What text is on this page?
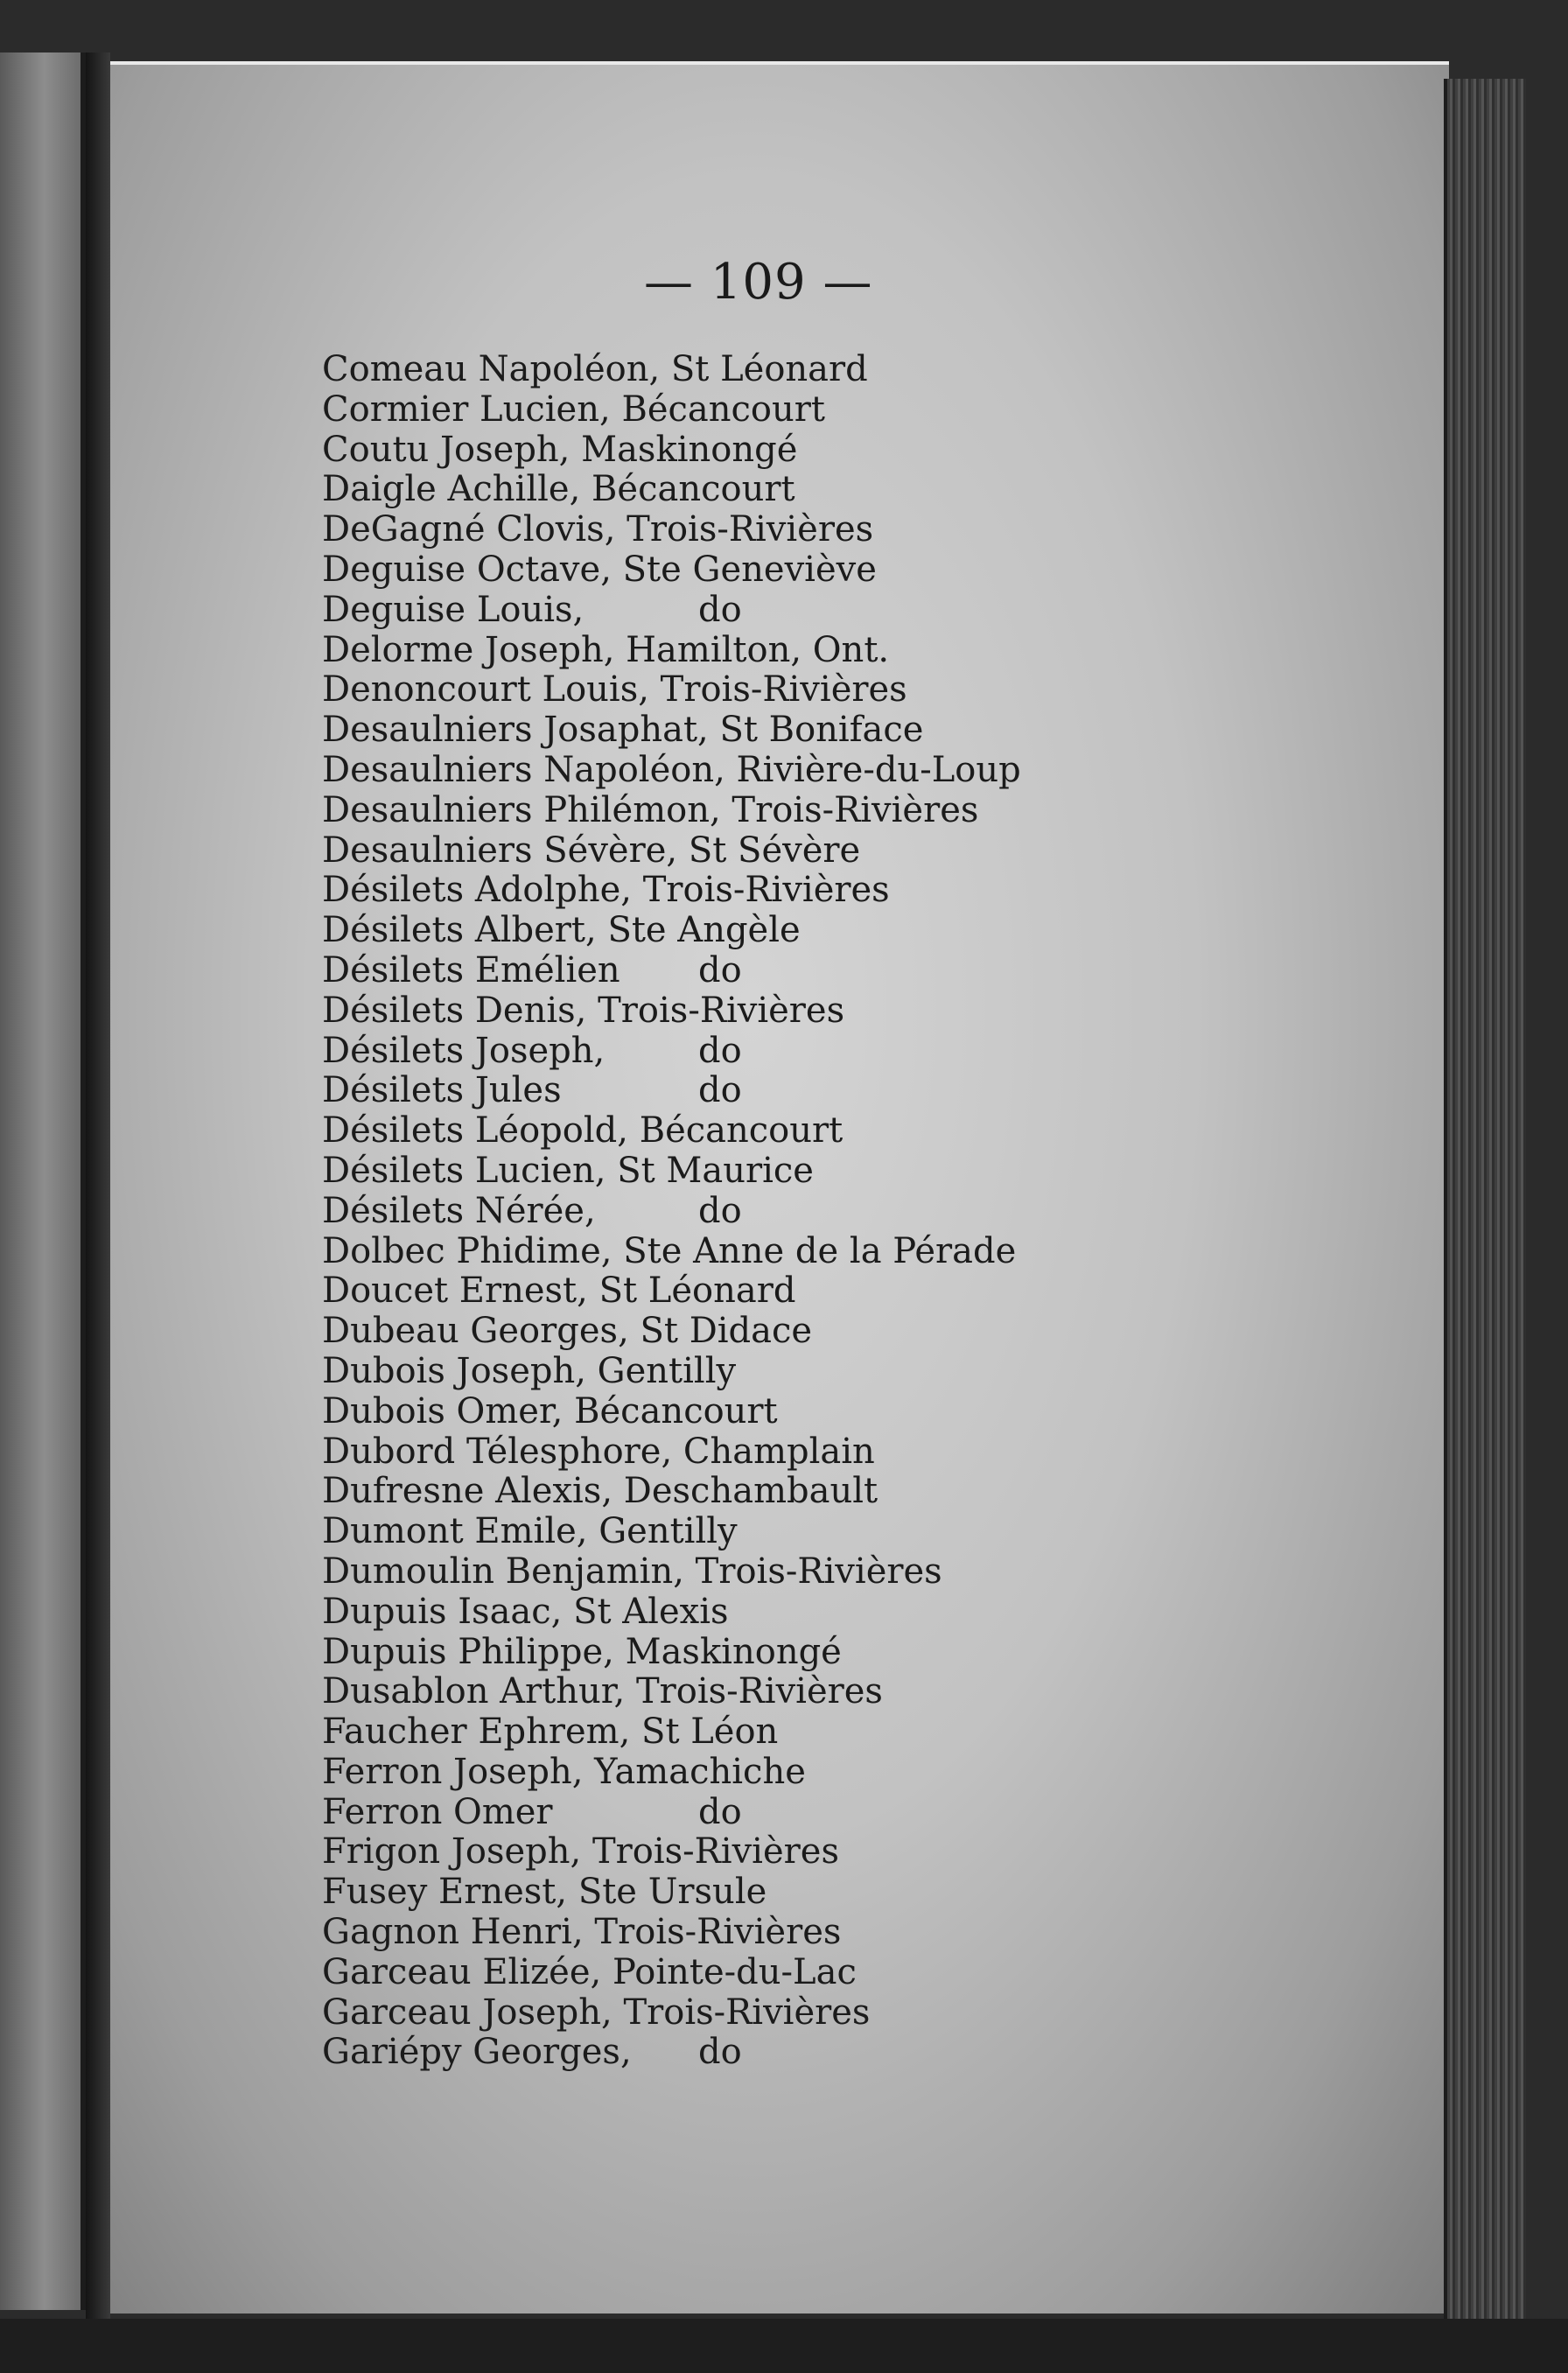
— 109 —
Comeau Napoléon, St Léonard
Cormier Lucien, Bécancourt
Coutu Joseph, Maskinongé
Daigle Achille, Bécancourt
DeGagné Clovis, Trois-Rivières
Deguise Octave, Ste Geneviève
Deguise Louis,	do
Delorme Joseph, Hamilton, Ont.
Denoncourt Louis, Trois-Rivières
Desaulniers Josaphat, St Boniface
Desaulniers Napoléon, Rivière-du-Loup
Desaulniers Philémon, Trois-Rivières
Desaulniers Sévère, St Sévère
Désilets Adolphe, Trois-Rivières
Désilets Albert, Ste Angèle
Désilets Emélien do
Désilets Denis, Trois-Rivières
Désilets Joseph,	do
Désilets Jules	do
Désilets Léopold, Bécancourt
Désilets Lucien, St Maurice
Désilets Nérée,	do
Dolbec Phidime, Ste Anne de la Pérade
Doucet Ernest, St Léonard
Dubeau Georges, St Didace
Dubois Joseph, Gentilly
Dubois Omer, Bécancourt
Dubord Télesphore, Champlain
Dufresne Alexis, Deschambault
Dumont Emile, Gentilly
Dumoulin Benjamin, Trois-Rivières
Dupuis Isaac, St Alexis
Dupuis Philippe, Maskinongé
Dusablon Arthur, Trois-Rivières
Faucher Ephrem, St Léon
Ferron Joseph, Yamachiche
Ferron Omer	do
Frigon Joseph, Trois-Rivières
Fusey Ernest, Ste Ursule
Gagnon Henri, Trois-Rivières
Garceau Elizée, Pointe-du-Lac
Garceau Joseph, Trois-Rivières
Gariépy Georges, do
